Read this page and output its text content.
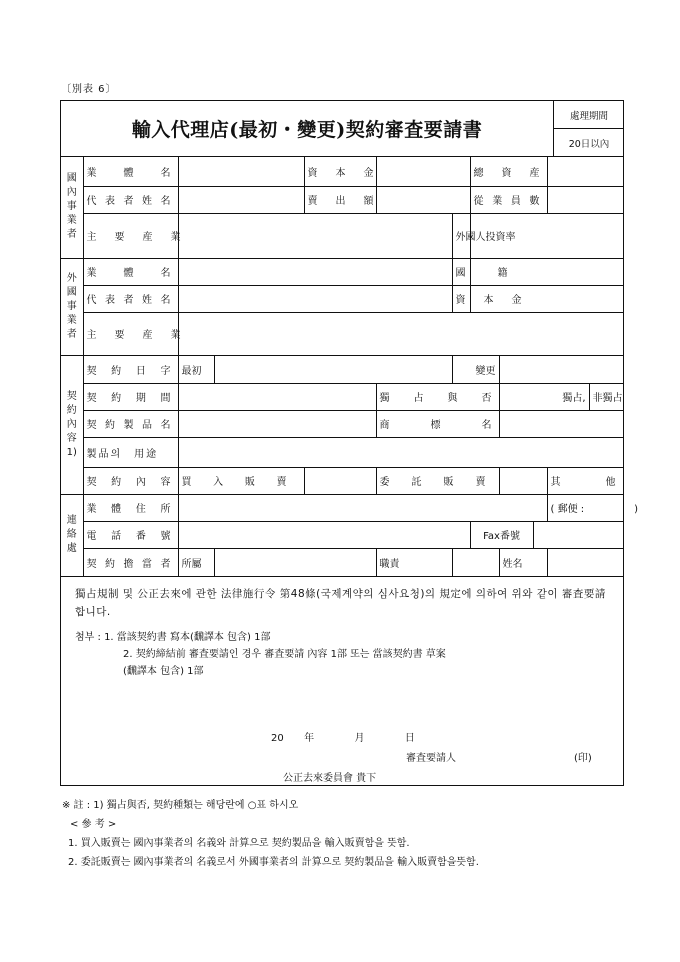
〔別表 6〕
輸入代理店(最初・變更)契約審査要請書
處理期間
20日以內
國
內
事
業
者	業　體　名			資　本　金			總　資　産					
	代表者姓名			賣　出　額			從業員數					
	主　要　産　業					外國人投資率						
外
國
事
業
者	業　體　名					國　　籍						
	代表者姓名					資　本　金						
	主　要　産　業											
契
約
內
容
1)	契約日字	最初				變更						
	契約期間				獨占與否			獨占,			非獨占	
	契約製品名				商　標　名							
	製品의　用途											
	契約內容	買入販賣			委託販賣					其　　他		
連
絡
處	業體住所									( 郵便 :　　　　　)		
	電話番號						Fax番號					
	契約擔當者	所屬			職責			姓名				
獨占規制 및 公正去來에 관한 法律施行令 第48條(국제계약의 심사요청)의 規定에 의하여 위와 같이 審査要請합니다.
첨부 : 1. 當該契約書 寫本(飜譯本 包含) 1部
2. 契約締結前 審査要請인 경우 審査要請 內容 1部 또는 當該契約書 草案
(飜譯本 包含) 1部
20 年	月	日
審査要請人	(印)
公正去來委員會 貴下
※ 註 : 1) 獨占與否, 契約種類는 해당란에 ○표 하시오
< 參 考 >
1. 買入販賣는 國內事業者의 名義와 計算으로 契約製品을 輸入販賣함을 뜻함.
2. 委託販賣는 國內事業者의 名義로서 外國事業者의 計算으로 契約製品을 輸入販賣함을뜻함.
